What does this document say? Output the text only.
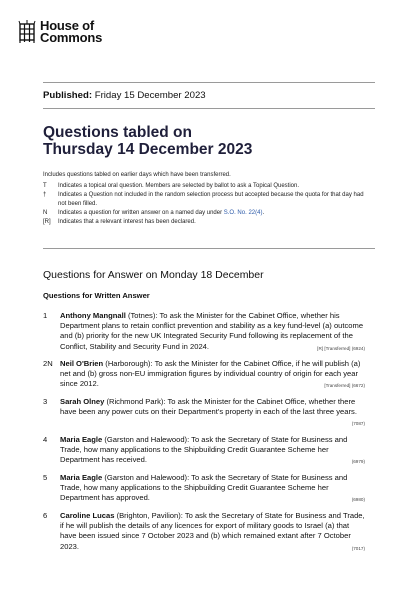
House of
Commons
Published: Friday 15 December 2023
Questions tabled on
Thursday 14 December 2023
Includes questions tabled on earlier days which have been transferred.
T	Indicates a topical oral question. Members are selected by ballot to ask a Topical Question.
†	Indicates a Question not included in the random selection process but accepted because the quota for that day had not been filled.
N	Indicates a question for written answer on a named day under S.O. No. 22(4).
[R]	Indicates that a relevant interest has been declared.
Questions for Answer on Monday 18 December
Questions for Written Answer
1 Anthony Mangnall (Totnes): To ask the Minister for the Cabinet Office, whether his Department plans to retain conflict prevention and stability as a key fund-level (a) outcome and (b) priority for the new UK Integrated Security Fund following its replacement of the Conflict, Stability and Security Fund in 2024.	[R] [Transferred] (6924)
2N Neil O'Brien (Harborough): To ask the Minister for the Cabinet Office, if he will publish (a) net and (b) gross non-EU immigration figures by individual country of origin for each year since 2012.	[Transferred] (6672)
3 Sarah Olney (Richmond Park): To ask the Minister for the Cabinet Office, whether there have been any power cuts on their Department's property in each of the last three years.
(7087)
4 Maria Eagle (Garston and Halewood): To ask the Secretary of State for Business and Trade, how many applications to the Shipbuilding Credit Guarantee Scheme her Department has received.	(6979)
5 Maria Eagle (Garston and Halewood): To ask the Secretary of State for Business and Trade, how many applications to the Shipbuilding Credit Guarantee Scheme her Department has approved.	(6980)
6 Caroline Lucas (Brighton, Pavilion): To ask the Secretary of State for Business and Trade, if he will publish the details of any licences for export of military goods to Israel (a) that have been issued since 7 October 2023 and (b) which remained extant after 7 October 2023.	(7017)
